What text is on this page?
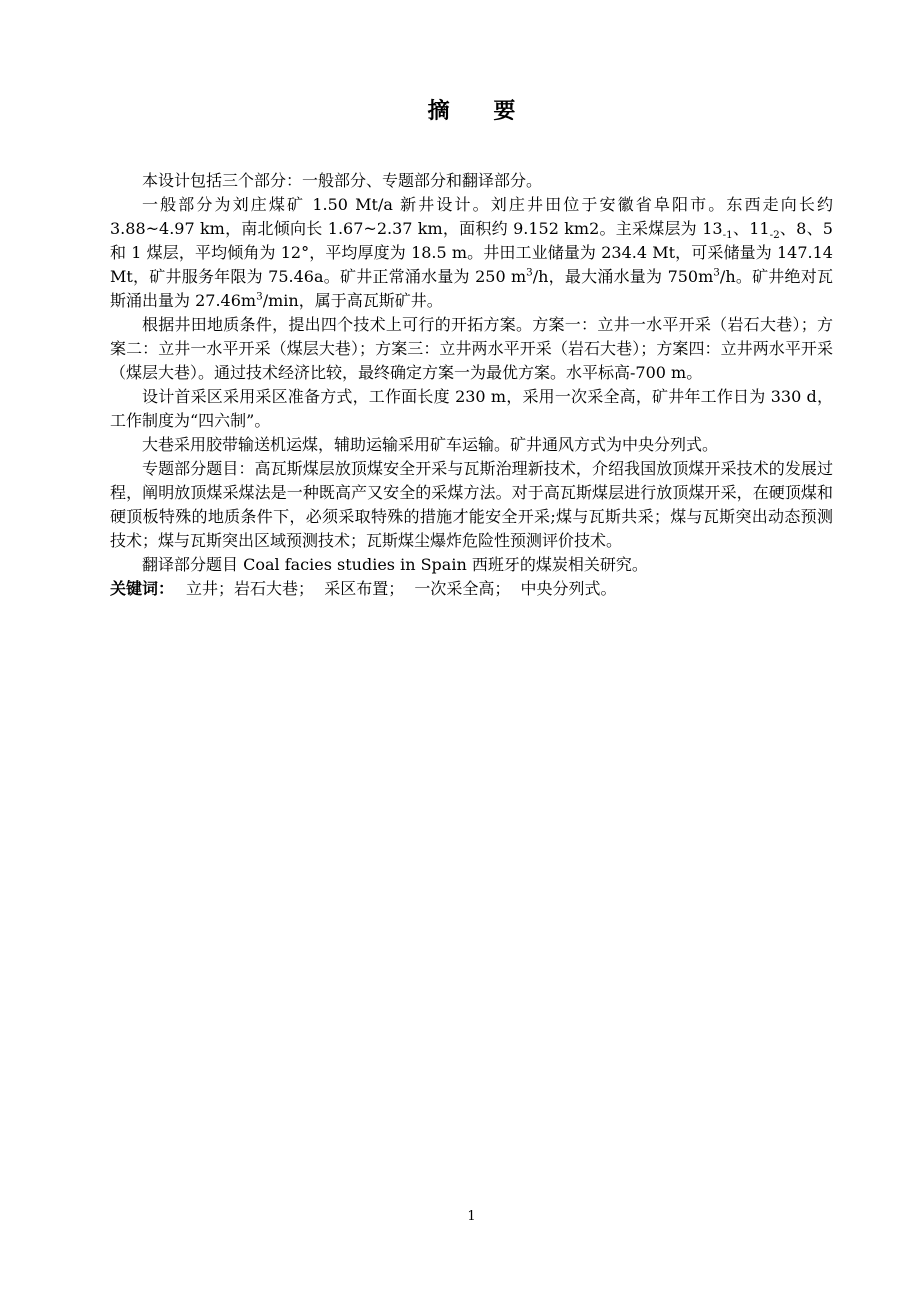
摘 要

本设计包括三个部分：一般部分、专题部分和翻译部分。

一般部分为刘庄煤矿 1.50 Mt/a 新井设计。刘庄井田位于安徽省阜阳市。东西走向长约 3.88~4.97 km，南北倾向长 1.67~2.37 km，面积约 9.152 km2。主采煤层为 $13_{-1}$、$11_{-2}$、8、5 和 1 煤层，平均倾角为 12°，平均厚度为 18.5 m。井田工业储量为 234.4 Mt，可采储量为 147.14 Mt，矿井服务年限为 75.46a。矿井正常涌水量为 250 $m^3/h$，最大涌水量为 $750m^3/h$。矿井绝对瓦斯涌出量为 $27.46m^3/\min$，属于高瓦斯矿井。

根据井田地质条件，提出四个技术上可行的开拓方案。方案一：立井一水平开采（岩石大巷）；方案二：立井一水平开采（煤层大巷）；方案三：立井两水平开采（岩石大巷）；方案四：立井两水平开采（煤层大巷）。通过技术经济比较，最终确定方案一为最优方案。水平标高-700 m。

设计首采区采用采区准备方式，工作面长度 230 m，采用一次采全高，矿井年工作日为 330 d，工作制度为“四六制”。

大巷采用胶带输送机运煤，辅助运输采用矿车运输。矿井通风方式为中央分列式。

专题部分题目：高瓦斯煤层放顶煤安全开采与瓦斯治理新技术，介绍我国放顶煤开采技术的发展过程，阐明放顶煤采煤法是一种既高产又安全的采煤方法。对于高瓦斯煤层进行放顶煤开采，在硬顶煤和硬顶板特殊的地质条件下，必须采取特殊的措施才能安全开采;煤与瓦斯共采；煤与瓦斯突出动态预测技术；煤与瓦斯突出区域预测技术；瓦斯煤尘爆炸危险性预测评价技术。

翻译部分题目 Coal facies studies in Spain 西班牙的煤炭相关研究。

关键词： 立井；岩石大巷；  采区布置；  一次采全高；  中央分列式。

1
